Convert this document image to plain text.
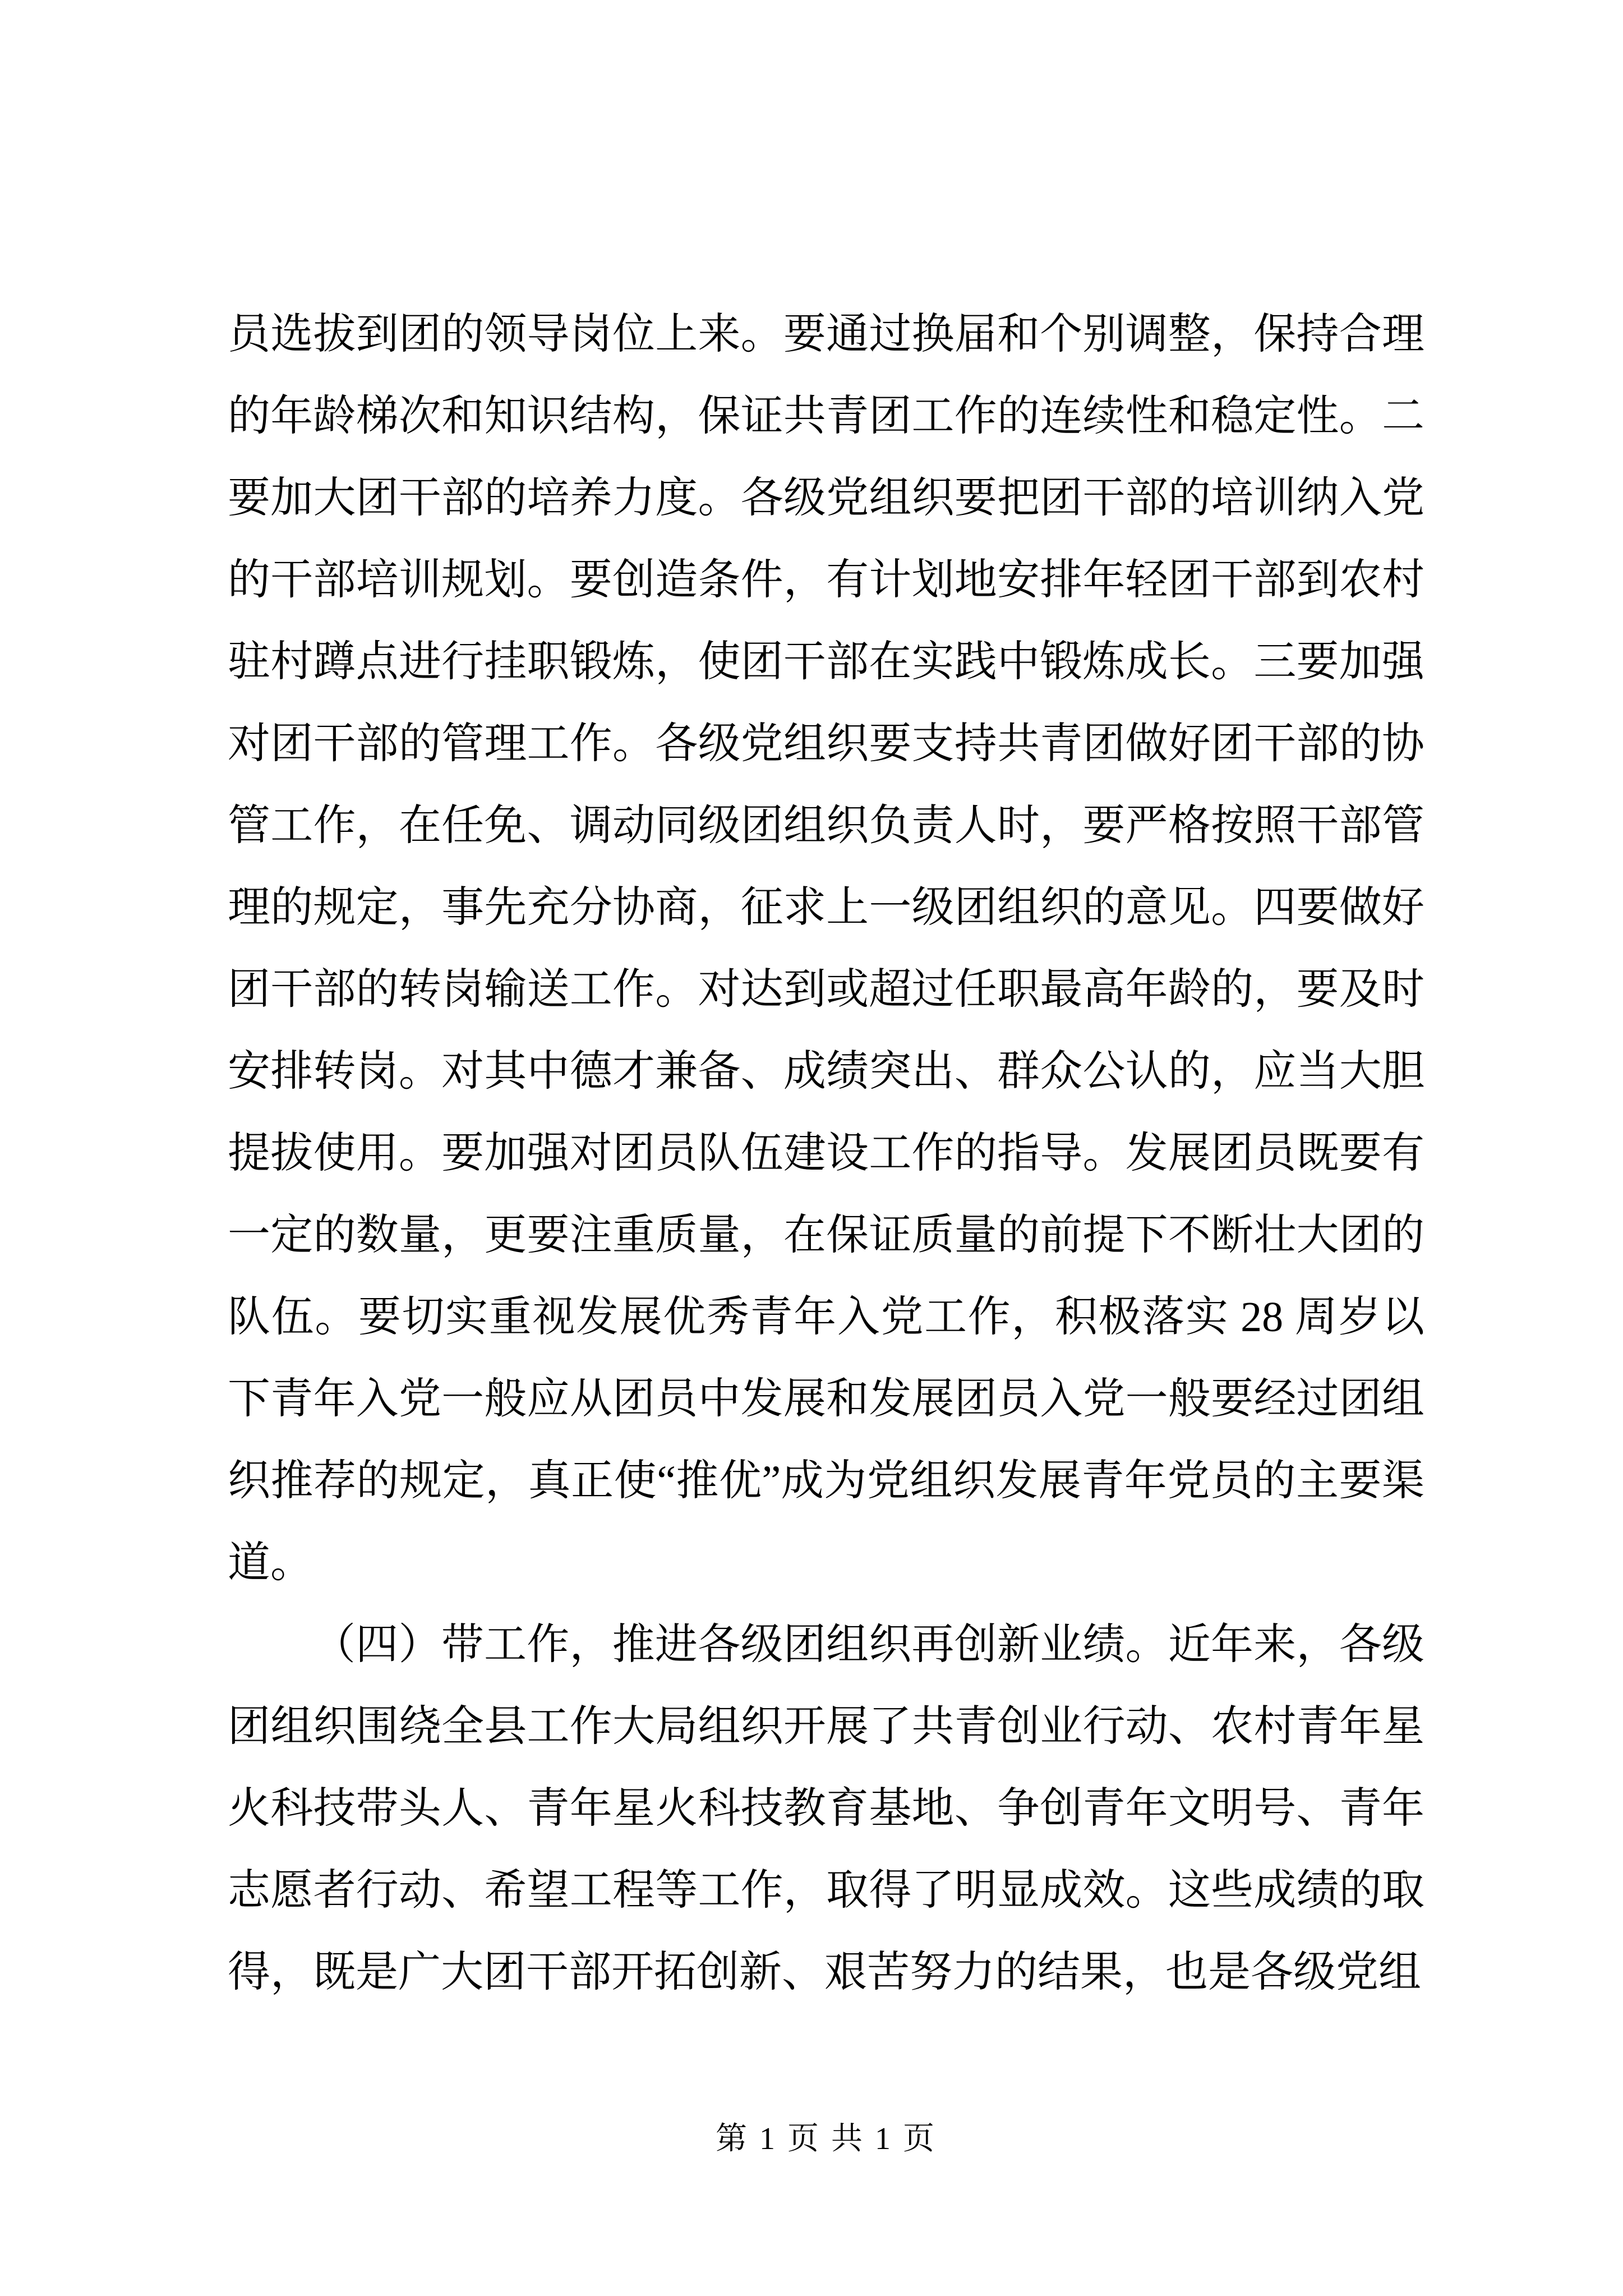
员选拔到团的领导岗位上来。要通过换届和个别调整，保持合理的年龄梯次和知识结构，保证共青团工作的连续性和稳定性。二要加大团干部的培养力度。各级党组织要把团干部的培训纳入党的干部培训规划。要创造条件，有计划地安排年轻团干部到农村驻村蹲点进行挂职锻炼，使团干部在实践中锻炼成长。三要加强对团干部的管理工作。各级党组织要支持共青团做好团干部的协管工作，在任免、调动同级团组织负责人时，要严格按照干部管理的规定，事先充分协商，征求上一级团组织的意见。四要做好团干部的转岗输送工作。对达到或超过任职最高年龄的，要及时安排转岗。对其中德才兼备、成绩突出、群众公认的，应当大胆提拔使用。要加强对团员队伍建设工作的指导。发展团员既要有一定的数量，更要注重质量，在保证质量的前提下不断壮大团的队伍。要切实重视发展优秀青年入党工作，积极落实 28 周岁以下青年入党一般应从团员中发展和发展团员入党一般要经过团组织推荐的规定，真正使“推优”成为党组织发展青年党员的主要渠道。

（四）带工作，推进各级团组织再创新业绩。近年来，各级团组织围绕全县工作大局组织开展了共青创业行动、农村青年星火科技带头人、青年星火科技教育基地、争创青年文明号、青年志愿者行动、希望工程等工作，取得了明显成效。这些成绩的取得，既是广大团干部开拓创新、艰苦努力的结果，也是各级党组

第 1 页 共 1 页
